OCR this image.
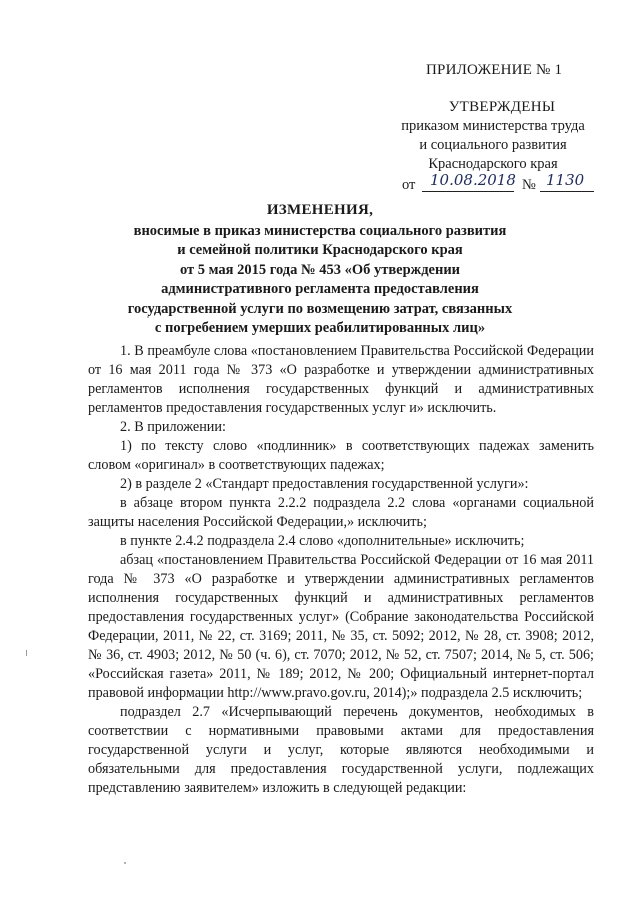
ПРИЛОЖЕНИЕ № 1
УТВЕРЖДЕНЫ
приказом министерства труда
и социального развития
Краснодарского края
от 10.08.2018 № 1130
ИЗМЕНЕНИЯ,
вносимые в приказ министерства социального развития
и семейной политики Краснодарского края
от 5 мая 2015 года № 453 «Об утверждении
административного регламента предоставления
государственной услуги по возмещению затрат, связанных
с погребением умерших реабилитированных лиц»

1. В преамбуле слова «постановлением Правительства Российской Федерации от 16 мая 2011 года № 373 «О разработке и утверждении административных регламентов исполнения государственных функций и административных регламентов предоставления государственных услуг и» исключить.

2. В приложении:

1) по тексту слово «подлинник» в соответствующих падежах заменить словом «оригинал» в соответствующих падежах;

2) в разделе 2 «Стандарт предоставления государственной услуги»:

в абзаце втором пункта 2.2.2 подраздела 2.2 слова «органами социальной защиты населения Российской Федерации,» исключить;

в пункте 2.4.2 подраздела 2.4 слово «дополнительные» исключить;

абзац «постановлением Правительства Российской Федерации от 16 мая 2011 года № 373 «О разработке и утверждении административных регламентов исполнения государственных функций и административных регламентов предоставления государственных услуг» (Собрание законодательства Российской Федерации, 2011, № 22, ст. 3169; 2011, № 35, ст. 5092; 2012, № 28, ст. 3908; 2012, № 36, ст. 4903; 2012, № 50 (ч. 6), ст. 7070; 2012, № 52, ст. 7507; 2014, № 5, ст. 506; «Российская газета» 2011, № 189; 2012, № 200; Официальный интернет-портал правовой информации http://www.pravo.gov.ru, 2014);» подраздела 2.5 исключить;

подраздел 2.7 «Исчерпывающий перечень документов, необходимых в соответствии с нормативными правовыми актами для предоставления государственной услуги и услуг, которые являются необходимыми и обязательными для предоставления государственной услуги, подлежащих представлению заявителем» изложить в следующей редакции:
